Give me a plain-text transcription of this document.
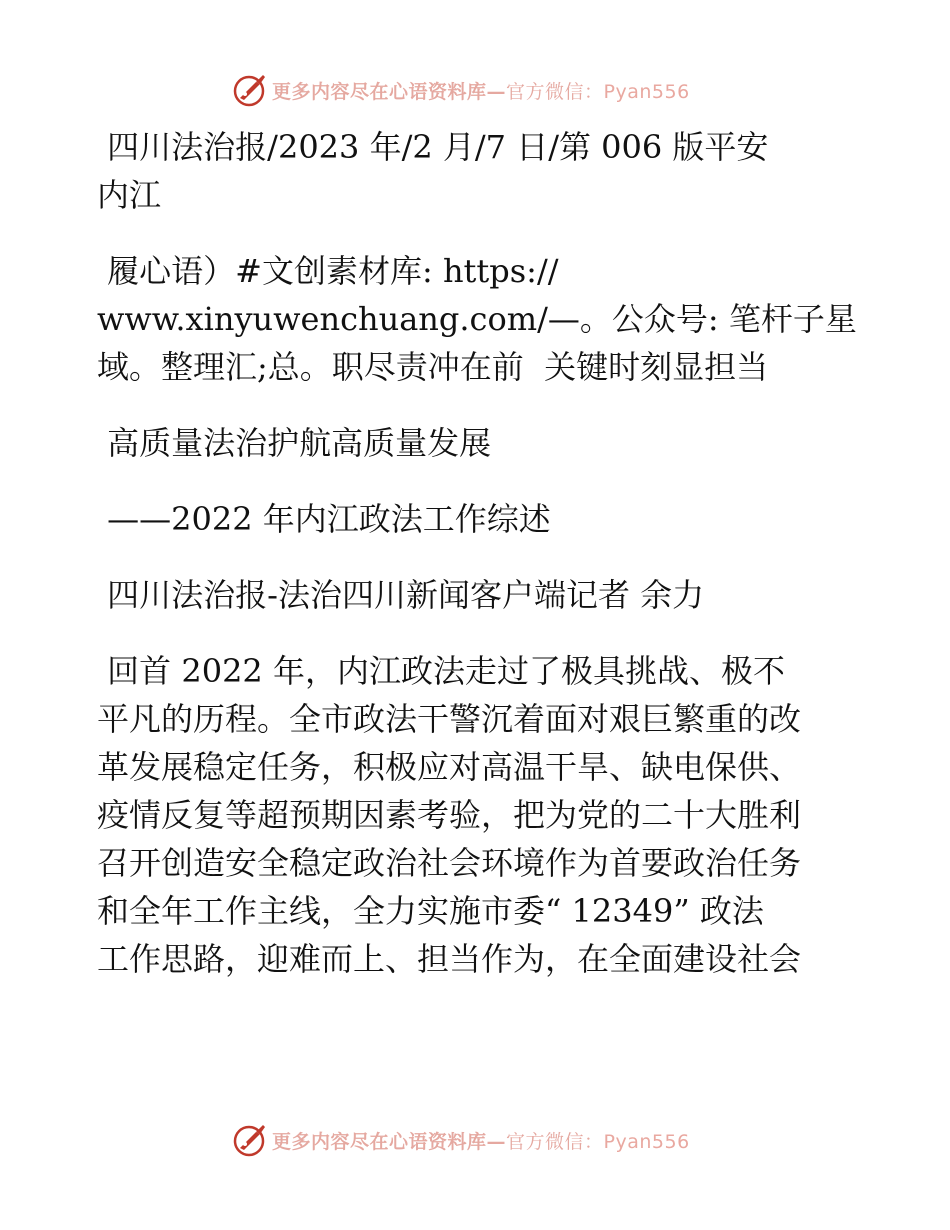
更多内容尽在心语资料库—官方微信：Pyan556
四川法治报/2023 年/2 月/7 日/第 006 版平安
内江
履心语）#文创素材库: https://
www.xinyuwenchuang.com/—。公众号: 笔杆子星
域。整理汇;总。职尽责冲在前  关键时刻显担当
高质量法治护航高质量发展
——2022 年内江政法工作综述
四川法治报-法治四川新闻客户端记者 余力
回首 2022 年，内江政法走过了极具挑战、极不
平凡的历程。全市政法干警沉着面对艰巨繁重的改
革发展稳定任务，积极应对高温干旱、缺电保供、
疫情反复等超预期因素考验，把为党的二十大胜利
召开创造安全稳定政治社会环境作为首要政治任务
和全年工作主线，全力实施市委“ 12349” 政法
工作思路，迎难而上、担当作为，在全面建设社会
更多内容尽在心语资料库—官方微信：Pyan556
